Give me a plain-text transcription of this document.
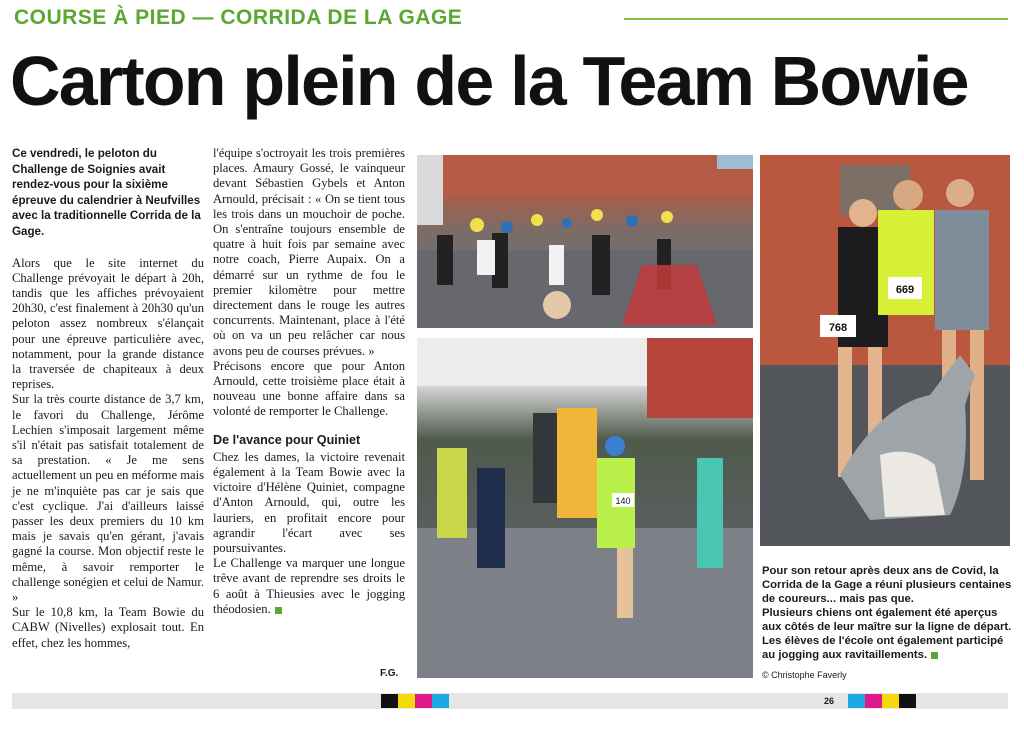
COURSE À PIED — CORRIDA DE LA GAGE
Carton plein de la Team Bowie

Ce vendredi, le peloton du Challenge de Soignies avait rendez-vous pour la sixième épreuve du calendrier à Neufvilles avec la traditionnelle Corrida de la Gage.

Alors que le site internet du Challenge prévoyait le départ à 20h, tandis que les affiches prévoyaient 20h30, c'est finalement à 20h30 qu'un peloton assez nombreux s'élançait pour une épreuve particulière avec, notamment, pour la grande distance la traversée de chapiteaux à deux reprises.

Sur la très courte distance de 3,7 km, le favori du Challenge, Jérôme Lechien s'imposait largement même s'il n'était pas satisfait totalement de sa prestation. « Je me sens actuellement un peu en méforme mais je ne m'inquiète pas car je sais que c'est cyclique. J'ai d'ailleurs laissé passer les deux premiers du 10 km mais je savais qu'en gérant, j'avais gagné la course. Mon objectif reste le même, à savoir remporter le challenge sonégien et celui de Namur. »

Sur le 10,8 km, la Team Bowie du CABW (Nivelles) explosait tout. En effet, chez les hommes,

l'équipe s'octroyait les trois premières places. Amaury Gossé, le vainqueur devant Sébastien Gybels et Anton Arnould, précisait : « On se tient tous les trois dans un mouchoir de poche. On s'entraîne toujours ensemble de quatre à huit fois par semaine avec notre coach, Pierre Aupaix. On a démarré sur un rythme de fou le premier kilomètre pour mettre directement dans le rouge les autres concurrents. Maintenant, place à l'été où on va un peu relâcher car nous avons peu de courses prévues. »

Précisons encore que pour Anton Arnould, cette troisième place était à nouveau une bonne affaire dans sa volonté de remporter le Challenge.

De l'avance pour Quiniet

Chez les dames, la victoire revenait également à la Team Bowie avec la victoire d'Hélène Quiniet, compagne d'Anton Arnould, qui, outre les lauriers, en profitait encore pour agrandir l'écart avec ses poursuivantes.

Le Challenge va marquer une longue trêve avant de reprendre ses droits le 6 août à Thieusies avec le jogging théodosien.

F.G.
140
768
669

Pour son retour après deux ans de Covid, la Corrida de la Gage a réuni plusieurs centaines de coureurs... mais pas que.

Plusieurs chiens ont également été aperçus aux côtés de leur maître sur la ligne de départ. Les élèves de l'école ont également participé au jogging aux ravitaillements.

© Christophe Faverly
26
